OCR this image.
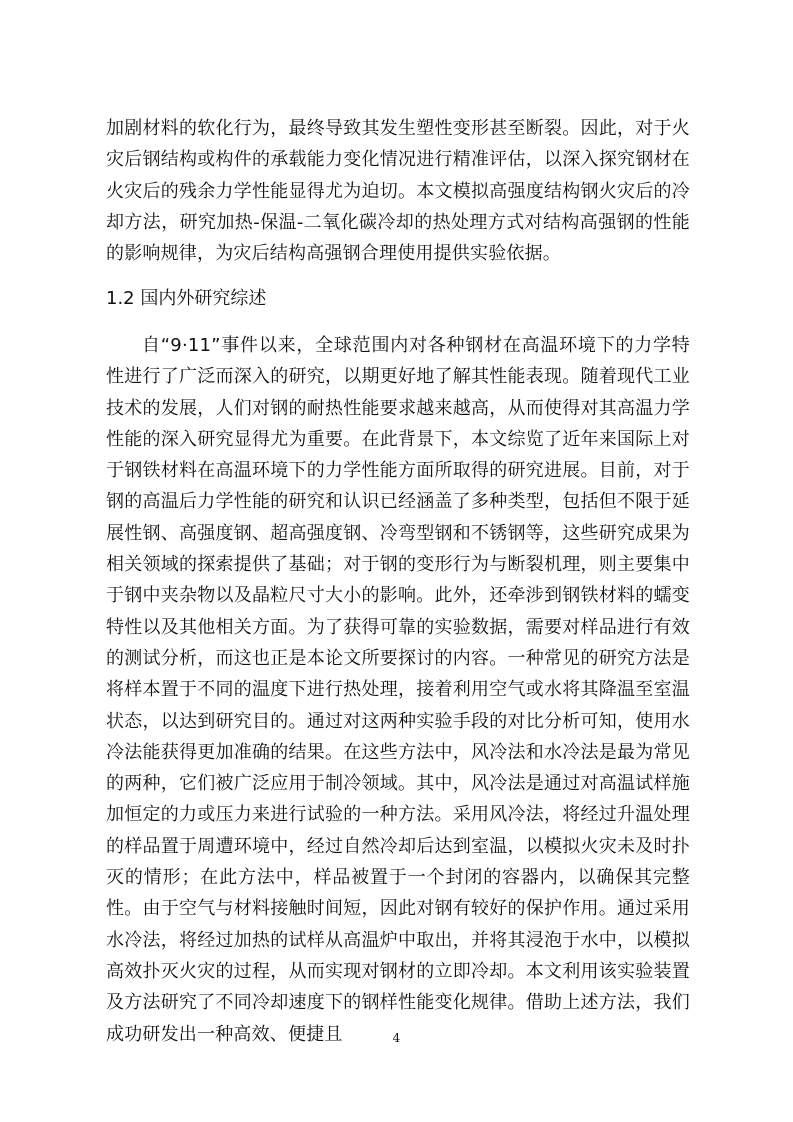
加剧材料的软化行为，最终导致其发生塑性变形甚至断裂。因此，对于火灾后钢结构或构件的承载能力变化情况进行精准评估，以深入探究钢材在火灾后的残余力学性能显得尤为迫切。本文模拟高强度结构钢火灾后的冷却方法，研究加热-保温-二氧化碳冷却的热处理方式对结构高强钢的性能的影响规律，为灾后结构高强钢合理使用提供实验依据。

1.2 国内外研究综述

自“9·11”事件以来，全球范围内对各种钢材在高温环境下的力学特性进行了广泛而深入的研究，以期更好地了解其性能表现。随着现代工业技术的发展，人们对钢的耐热性能要求越来越高，从而使得对其高温力学性能的深入研究显得尤为重要。在此背景下，本文综览了近年来国际上对于钢铁材料在高温环境下的力学性能方面所取得的研究进展。目前，对于钢的高温后力学性能的研究和认识已经涵盖了多种类型，包括但不限于延展性钢、高强度钢、超高强度钢、冷弯型钢和不锈钢等，这些研究成果为相关领域的探索提供了基础；对于钢的变形行为与断裂机理，则主要集中于钢中夹杂物以及晶粒尺寸大小的影响。此外，还牵涉到钢铁材料的蠕变特性以及其他相关方面。为了获得可靠的实验数据，需要对样品进行有效的测试分析，而这也正是本论文所要探讨的内容。一种常见的研究方法是将样本置于不同的温度下进行热处理，接着利用空气或水将其降温至室温状态，以达到研究目的。通过对这两种实验手段的对比分析可知，使用水冷法能获得更加准确的结果。在这些方法中，风冷法和水冷法是最为常见的两种，它们被广泛应用于制冷领域。其中，风冷法是通过对高温试样施加恒定的力或压力来进行试验的一种方法。采用风冷法，将经过升温处理的样品置于周遭环境中，经过自然冷却后达到室温，以模拟火灾未及时扑灭的情形；在此方法中，样品被置于一个封闭的容器内，以确保其完整性。由于空气与材料接触时间短，因此对钢有较好的保护作用。通过采用水冷法，将经过加热的试样从高温炉中取出，并将其浸泡于水中，以模拟高效扑灭火灾的过程，从而实现对钢材的立即冷却。本文利用该实验装置及方法研究了不同冷却速度下的钢样性能变化规律。借助上述方法，我们成功研发出一种高效、便捷且	4
